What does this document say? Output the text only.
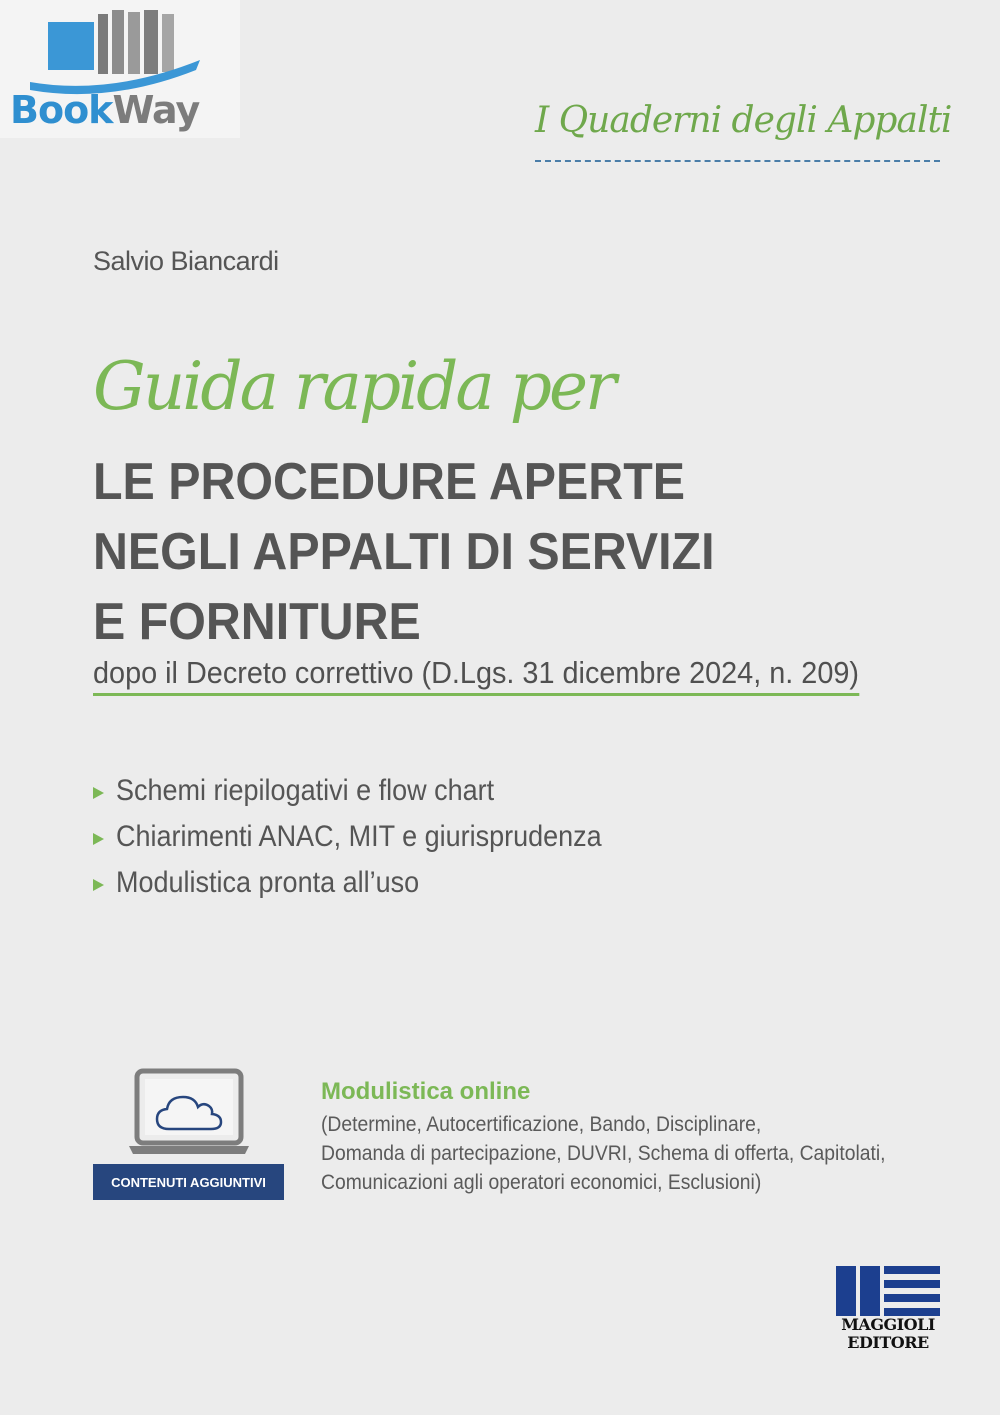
BookWay	I Quaderni degli Appalti
Salvio Biancardi
Guida rapida per
LE PROCEDURE APERTE
NEGLI APPALTI DI SERVIZI
E FORNITURE
dopo il Decreto correttivo (D.Lgs. 31 dicembre 2024, n. 209)
Schemi riepilogativi e flow chart
Chiarimenti ANAC, MIT e giurisprudenza
Modulistica pronta all’uso
CONTENUTI AGGIUNTIVI
Modulistica online
(Determine, Autocertificazione, Bando, Disciplinare,
Domanda di partecipazione, DUVRI, Schema di offerta, Capitolati,
Comunicazioni agli operatori economici, Esclusioni)
MAGGIOLI
EDITORE
